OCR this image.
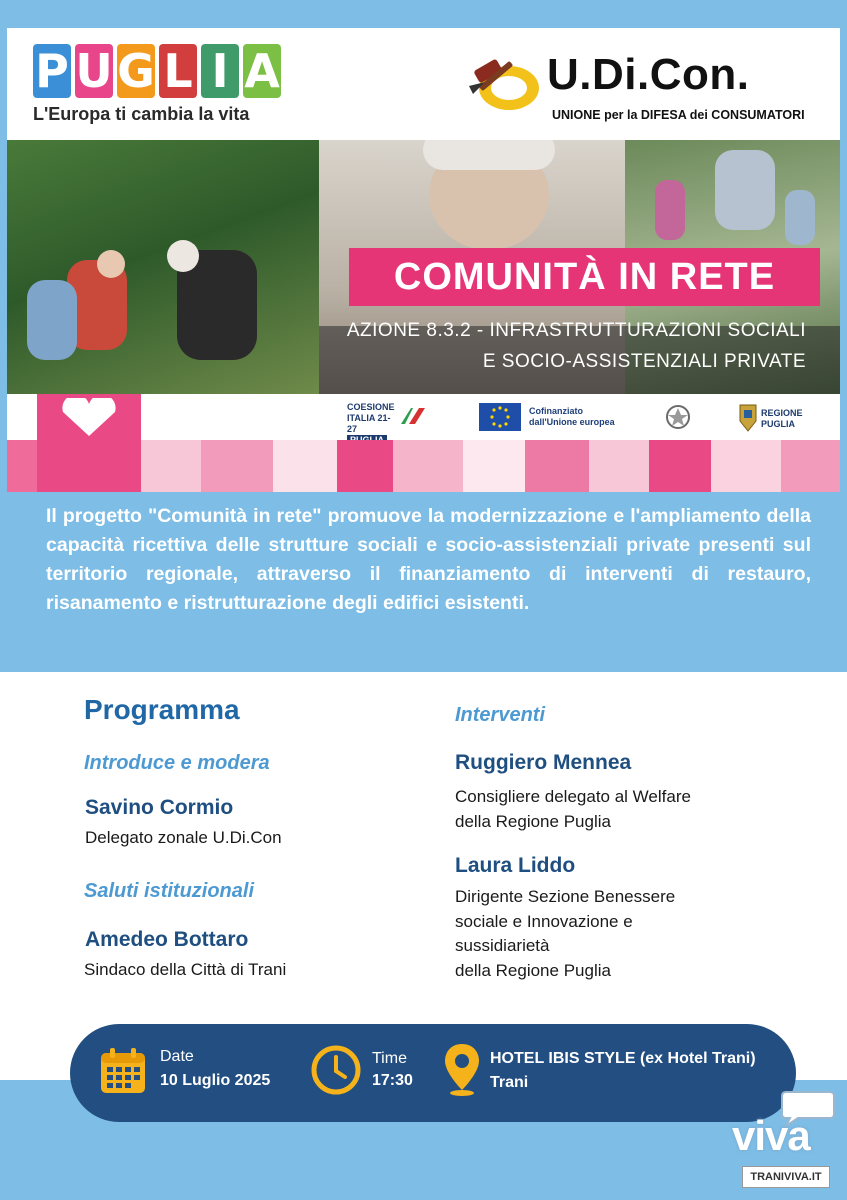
P U G L I A
L'Europa ti cambia la vita
U.Di.Con.
UNIONE per la DIFESA dei CONSUMATORI
COMUNITÀ IN RETE
AZIONE 8.3.2 - INFRASTRUTTURAZIONI SOCIALI
E SOCIO-ASSISTENZIALI PRIVATE
COESIONE ITALIA 21-27
Cofinanziato
dall'Unione europea
REGIONE
PUGLIA
Il progetto "Comunità in rete" promuove la modernizzazione e l'ampliamento della capacità ricettiva delle strutture sociali e socio-assistenziali private presenti sul territorio regionale, attraverso il finanziamento di interventi di restauro, risanamento e ristrutturazione degli edifici esistenti.
Programma
Introduce e modera
Savino Cormio
Delegato zonale U.Di.Con
Saluti istituzionali
Amedeo Bottaro
Sindaco della Città di Trani
Interventi
Ruggiero Mennea
Consigliere delegato al Welfare
della Regione Puglia
Laura Liddo
Dirigente Sezione Benessere
sociale e Innovazione e
sussidiarietà
della Regione Puglia
Date
10 Luglio 2025
Time
17:30
HOTEL IBIS STYLE (ex Hotel Trani)
Trani
viva
TRANIVIVA.IT
